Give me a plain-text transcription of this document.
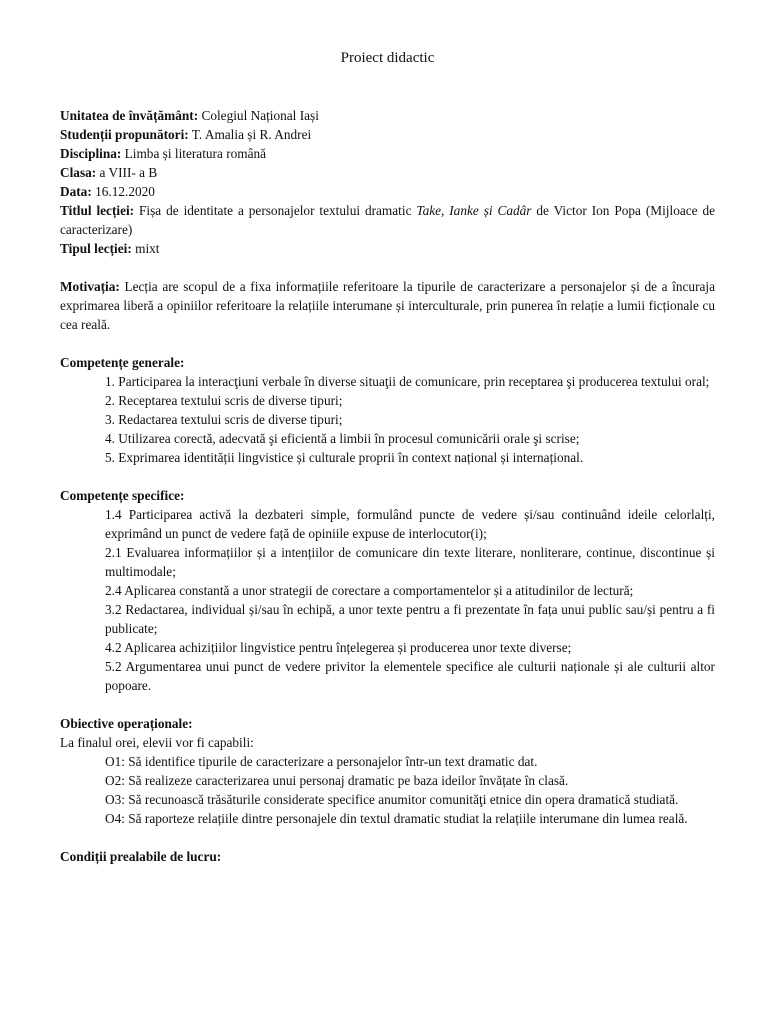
Proiect didactic

Unitatea de învățământ: Colegiul Național Iași

Studenții propunători: T. Amalia și R. Andrei

Disciplina: Limba și literatura română

Clasa: a VIII- a B

Data: 16.12.2020

Titlul lecției: Fișa de identitate a personajelor textului dramatic Take, Ianke și Cadâr de Victor Ion Popa (Mijloace de caracterizare)

Tipul lecției: mixt

Motivația: Lecția are scopul de a fixa informațiile referitoare la tipurile de caracterizare a personajelor și de a încuraja exprimarea liberă a opiniilor referitoare la relațiile interumane și interculturale, prin punerea în relație a lumii ficționale cu cea reală.

Competențe generale:

1. Participarea la interacţiuni verbale în diverse situaţii de comunicare, prin receptarea şi producerea textului oral;

2. Receptarea textului scris de diverse tipuri;

3. Redactarea textului scris de diverse tipuri;

4. Utilizarea corectă, adecvată şi eficientă a limbii în procesul comunicării orale şi scrise;

5. Exprimarea identității lingvistice și culturale proprii în context național și internațional.

Competențe specifice:

1.4 Participarea activă la dezbateri simple, formulând puncte de vedere și/sau continuând ideile celorlalți, exprimând un punct de vedere față de opiniile expuse de interlocutor(i);

2.1 Evaluarea informațiilor și a intențiilor de comunicare din texte literare, nonliterare, continue, discontinue și multimodale;

2.4 Aplicarea constantă a unor strategii de corectare a comportamentelor și a atitudinilor de lectură;

3.2 Redactarea, individual și/sau în echipă, a unor texte pentru a fi prezentate în fața unui public sau/și pentru a fi publicate;

4.2 Aplicarea achizițiilor lingvistice pentru înțelegerea și producerea unor texte diverse;

5.2 Argumentarea unui punct de vedere privitor la elementele specifice ale culturii naționale și ale culturii altor popoare.

Obiective operaționale:

La finalul orei, elevii vor fi capabili:

O1: Să identifice tipurile de caracterizare a personajelor într-un text dramatic dat.

O2: Să realizeze caracterizarea unui personaj dramatic pe baza ideilor învățate în clasă.

O3: Să recunoască trăsăturile considerate specifice anumitor comunităţi etnice din opera dramatică studiată.

O4: Să raporteze relațiile dintre personajele din textul dramatic studiat la relațiile interumane din lumea reală.

Condiții prealabile de lucru:
